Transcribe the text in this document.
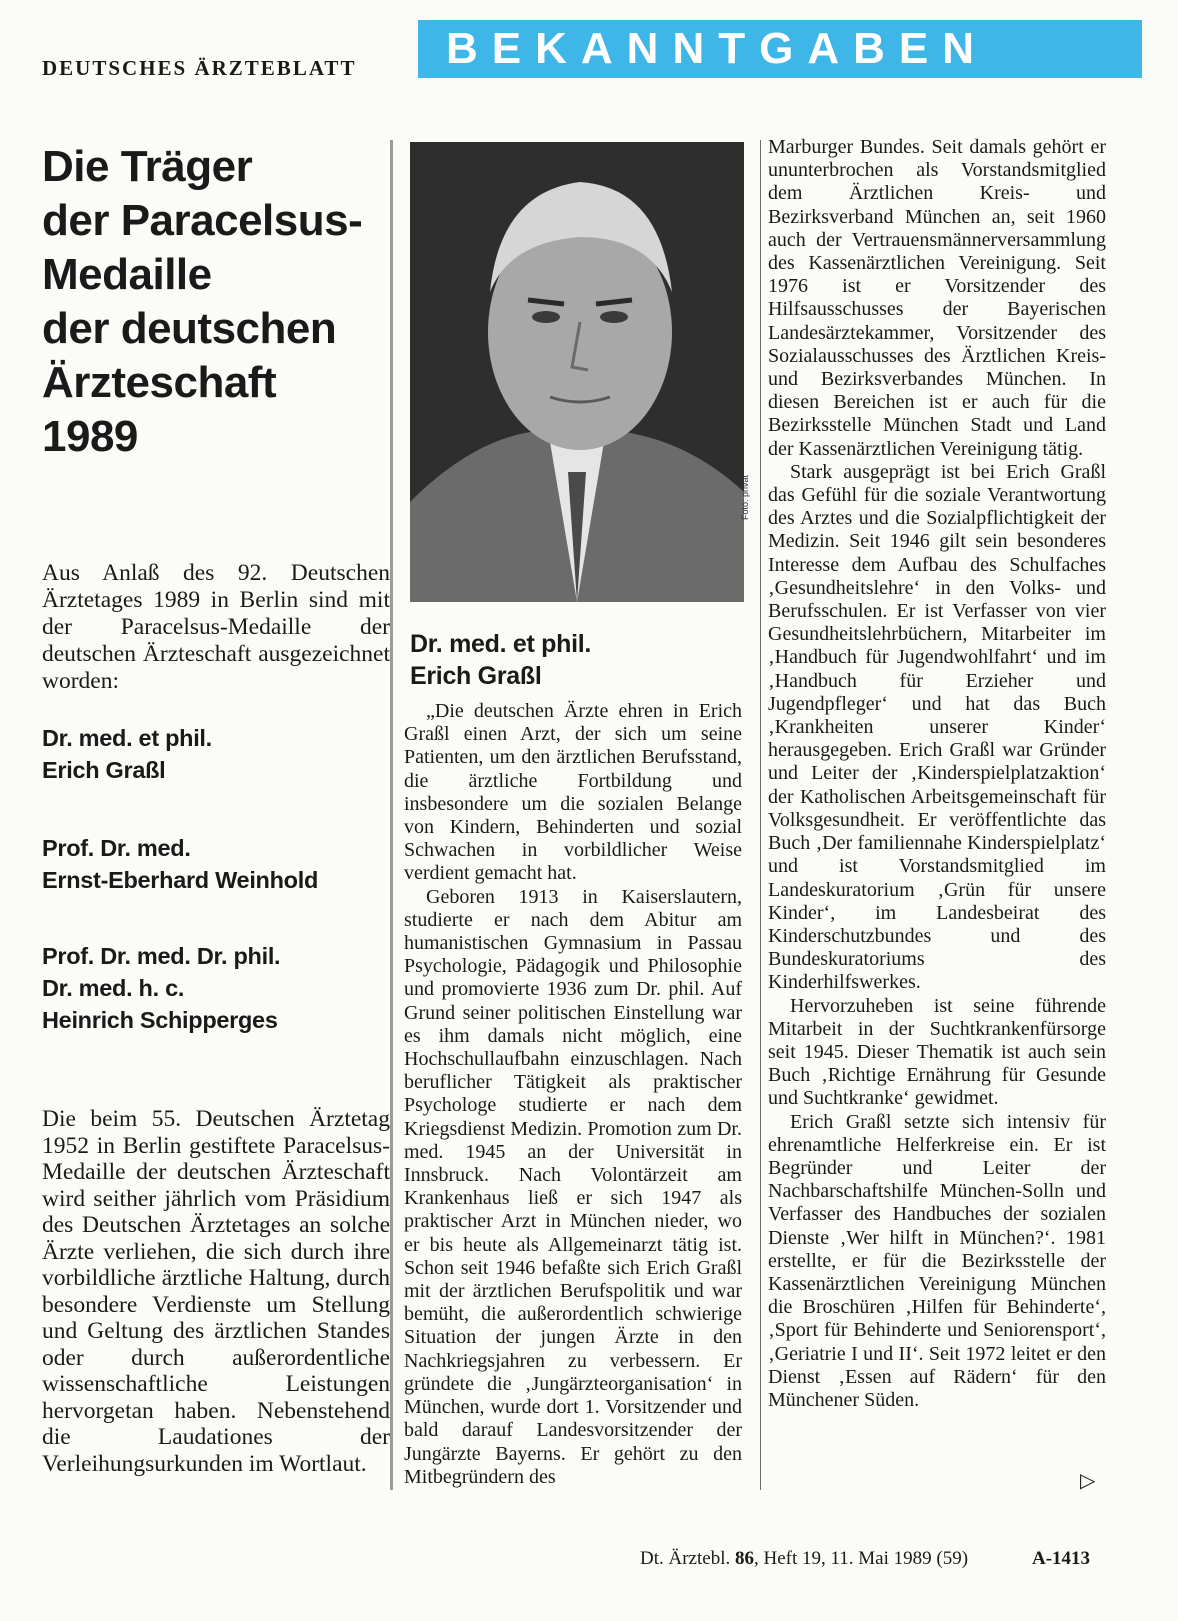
DEUTSCHES ÄRZTEBLATT BEKANNTGABEN
Die Träger
der Paracelsus-
Medaille
der deutschen
Ärzteschaft
1989

Aus Anlaß des 92. Deutschen Ärztetages 1989 in Berlin sind mit der Paracelsus-Medaille der deutschen Ärzteschaft ausgezeichnet worden:

Dr. med. et phil.
Erich Graßl
Prof. Dr. med.
Ernst-Eberhard Weinhold
Prof. Dr. med. Dr. phil.
Dr. med. h. c.
Heinrich Schipperges

Die beim 55. Deutschen Ärztetag 1952 in Berlin gestiftete Paracelsus-Medaille der deutschen Ärzteschaft wird seither jährlich vom Präsidium des Deutschen Ärztetages an solche Ärzte verliehen, die sich durch ihre vorbildliche ärztliche Haltung, durch besondere Verdienste um Stellung und Geltung des ärztlichen Standes oder durch außerordentliche wissenschaftliche Leistungen hervorgetan haben. Nebenstehend die Laudationes der Verleihungsurkunden im Wortlaut.

Foto: privat
Dr. med. et phil.
Erich Graßl

„Die deutschen Ärzte ehren in Erich Graßl einen Arzt, der sich um seine Patienten, um den ärztlichen Berufsstand, die ärztliche Fortbildung und insbesondere um die sozialen Belange von Kindern, Behinderten und sozial Schwachen in vorbildlicher Weise verdient gemacht hat.

Geboren 1913 in Kaiserslautern, studierte er nach dem Abitur am humanistischen Gymnasium in Passau Psychologie, Pädagogik und Philosophie und promovierte 1936 zum Dr. phil. Auf Grund seiner politischen Einstellung war es ihm damals nicht möglich, eine Hochschullaufbahn einzuschlagen. Nach beruflicher Tätigkeit als praktischer Psychologe studierte er nach dem Kriegsdienst Medizin. Promotion zum Dr. med. 1945 an der Universität in Innsbruck. Nach Volontärzeit am Krankenhaus ließ er sich 1947 als praktischer Arzt in München nieder, wo er bis heute als Allgemeinarzt tätig ist. Schon seit 1946 befaßte sich Erich Graßl mit der ärztlichen Berufspolitik und war bemüht, die außerordentlich schwierige Situation der jungen Ärzte in den Nachkriegsjahren zu verbessern. Er gründete die ‚Jungärzteorganisation‘ in München, wurde dort 1. Vorsitzender und bald darauf Landesvorsitzender der Jungärzte Bayerns. Er gehört zu den Mitbegründern des

Marburger Bundes. Seit damals gehört er ununterbrochen als Vorstandsmitglied dem Ärztlichen Kreis- und Bezirksverband München an, seit 1960 auch der Vertrauensmännerversammlung des Kassenärztlichen Vereinigung. Seit 1976 ist er Vorsitzender des Hilfsausschusses der Bayerischen Landesärztekammer, Vorsitzender des Sozialausschusses des Ärztlichen Kreis- und Bezirksverbandes München. In diesen Bereichen ist er auch für die Bezirksstelle München Stadt und Land der Kassenärztlichen Vereinigung tätig.

Stark ausgeprägt ist bei Erich Graßl das Gefühl für die soziale Verantwortung des Arztes und die Sozialpflichtigkeit der Medizin. Seit 1946 gilt sein besonderes Interesse dem Aufbau des Schulfaches ‚Gesundheitslehre‘ in den Volks- und Berufsschulen. Er ist Verfasser von vier Gesundheitslehrbüchern, Mitarbeiter im ‚Handbuch für Jugendwohlfahrt‘ und im ‚Handbuch für Erzieher und Jugendpfleger‘ und hat das Buch ‚Krankheiten unserer Kinder‘ herausgegeben. Erich Graßl war Gründer und Leiter der ‚Kinderspielplatzaktion‘ der Katholischen Arbeitsgemeinschaft für Volksgesundheit. Er veröffentlichte das Buch ‚Der familiennahe Kinderspielplatz‘ und ist Vorstandsmitglied im Landeskuratorium ‚Grün für unsere Kinder‘, im Landesbeirat des Kinderschutzbundes und des Bundeskuratoriums des Kinderhilfswerkes.

Hervorzuheben ist seine führende Mitarbeit in der Suchtkrankenfürsorge seit 1945. Dieser Thematik ist auch sein Buch ‚Richtige Ernährung für Gesunde und Suchtkranke‘ gewidmet.

Erich Graßl setzte sich intensiv für ehrenamtliche Helferkreise ein. Er ist Begründer und Leiter der Nachbarschaftshilfe München-Solln und Verfasser des Handbuches der sozialen Dienste ‚Wer hilft in München?‘. 1981 erstellte, er für die Bezirksstelle der Kassenärztlichen Vereinigung München die Broschüren ‚Hilfen für Behinderte‘, ‚Sport für Behinderte und Seniorensport‘, ‚Geriatrie I und II‘. Seit 1972 leitet er den Dienst ‚Essen auf Rädern‘ für den Münchener Süden.

▷
Dt. Ärztebl. 86, Heft 19, 11. Mai 1989 (59)	A-1413
